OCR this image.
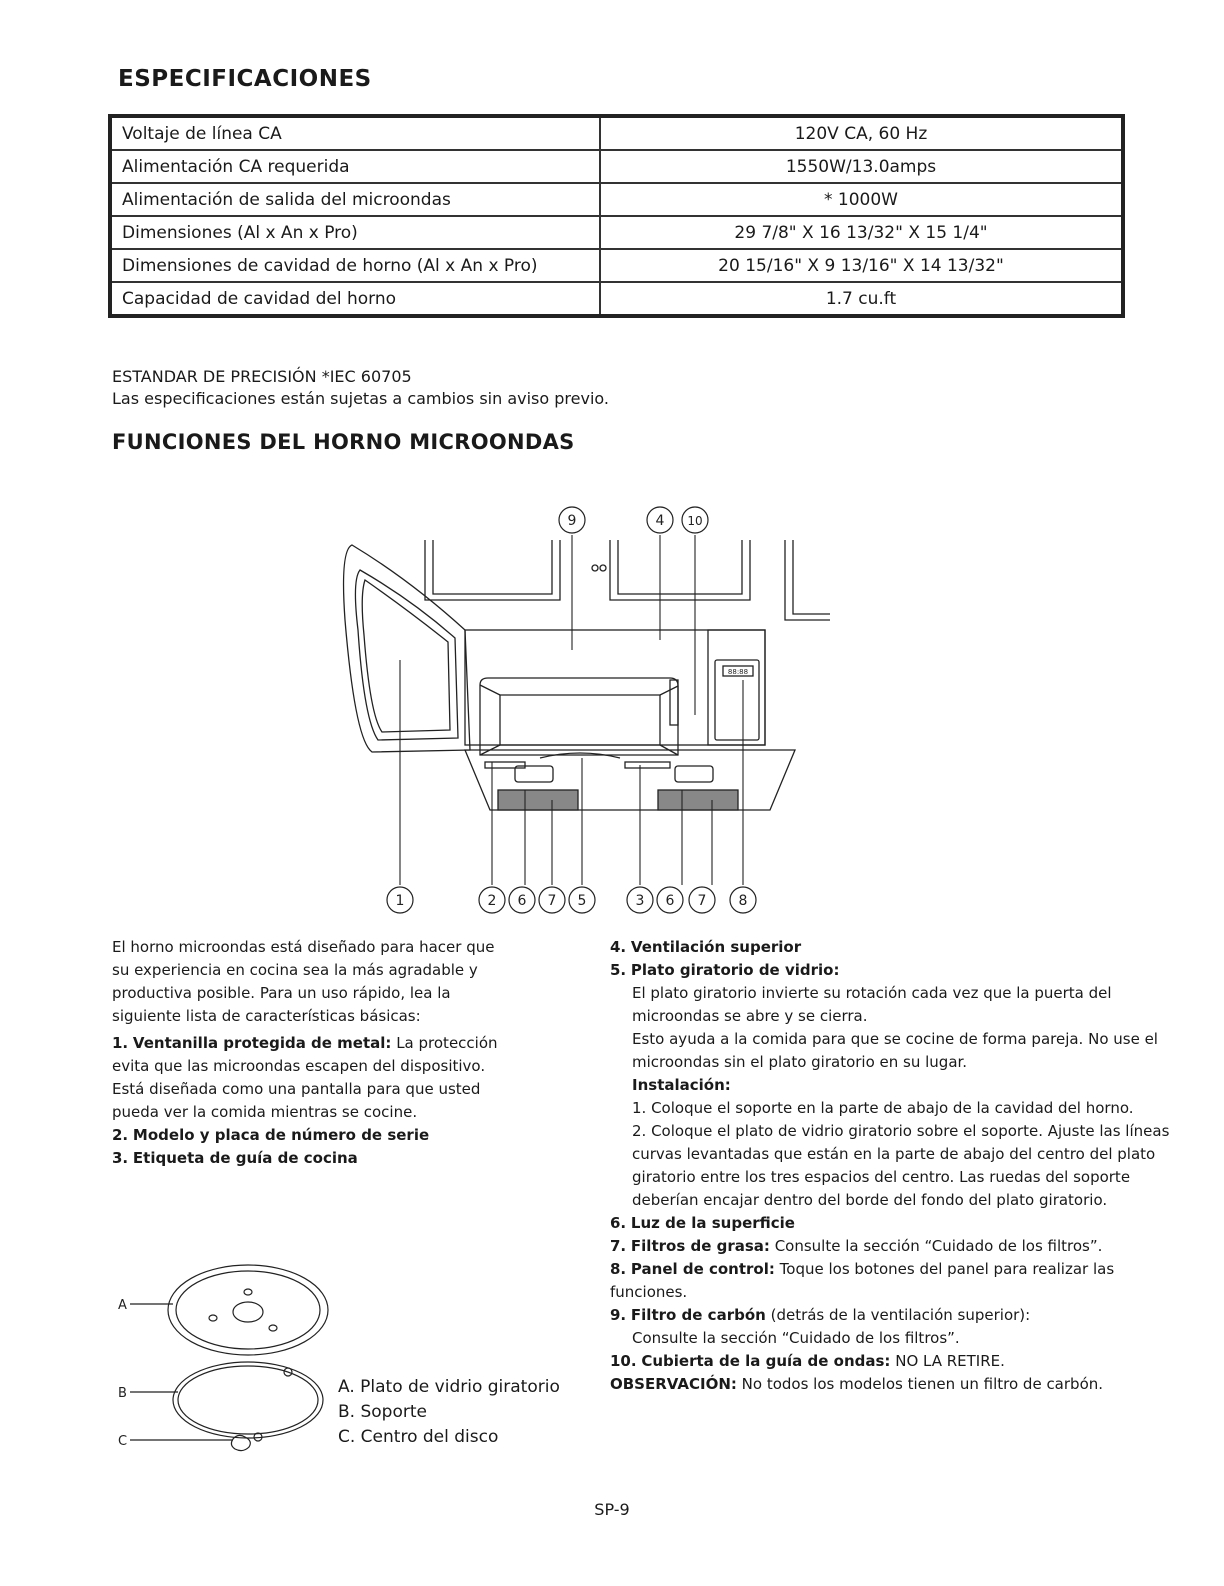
ESPECIFICACIONES
Voltaje de línea CA	120V CA, 60 Hz
Alimentación CA requerida	1550W/13.0amps
Alimentación de salida del microondas	* 1000W
Dimensiones (Al x An x Pro)	29 7/8" X 16 13/32" X 15 1/4"
Dimensiones de cavidad de horno (Al x An x Pro)	20 15/16" X 9 13/16" X 14 13/32"
Capacidad de cavidad del horno	1.7 cu.ft
ESTANDAR DE PRECISIÓN *IEC 60705
Las especificaciones están sujetas a cambios sin aviso previo.
FUNCIONES DEL HORNO MICROONDAS
9	4 10
1	2 6 7 5	3 6 7 8
88:88

El horno microondas está diseñado para hacer que su experiencia en cocina sea la más agradable y productiva posible. Para un uso rápido, lea la siguiente lista de características básicas:

1. Ventanilla protegida de metal: La protección evita que las microondas escapen del dispositivo. Está diseñada como una pantalla para que usted pueda ver la comida mientras se cocine.

2. Modelo y placa de número de serie

3. Etiqueta de guía de cocina

4. Ventilación superior

5. Plato giratorio de vidrio:

El plato giratorio invierte su rotación cada vez que la puerta del microondas se abre y se cierra.

Esto ayuda a la comida para que se cocine de forma pareja. No use el microondas sin el plato giratorio en su lugar.

Instalación:

1. Coloque el soporte en la parte de abajo de la cavidad del horno.

2. Coloque el plato de vidrio giratorio sobre el soporte. Ajuste las líneas curvas levantadas que están en la parte de abajo del centro del plato giratorio entre los tres espacios del centro. Las ruedas del soporte deberían encajar dentro del borde del fondo del plato giratorio.

6. Luz de la superficie

7. Filtros de grasa: Consulte la sección “Cuidado de los filtros”.

8. Panel de control: Toque los botones del panel para realizar las funciones.

9. Filtro de carbón (detrás de la ventilación superior):

Consulte la sección “Cuidado de los filtros”.

10. Cubierta de la guía de ondas: NO LA RETIRE.

OBSERVACIÓN: No todos los modelos tienen un filtro de carbón.

A
B
C

A. Plato de vidrio giratorio

B. Soporte

C. Centro del disco

SP-9
